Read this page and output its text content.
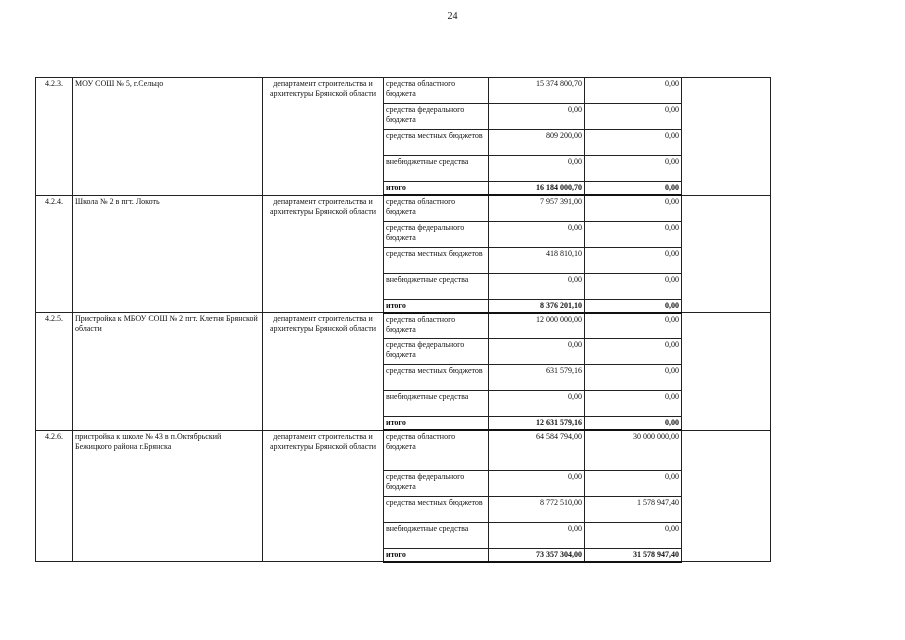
24
4.2.3.	МОУ СОШ № 5, г.Сельцо	департамент строительства и архитектуры Брянской области	средства областного бюджета	15 374 800,70	0,00	
			средства федерального бюджета	0,00	0,00	
			средства местных бюджетов	809 200,00	0,00	
			внебюджетные средства	0,00	0,00	
			итого	16 184 000,70	0,00	
4.2.4.	Школа № 2 в пгт. Локоть	департамент строительства и архитектуры Брянской области	средства областного бюджета	7 957 391,00	0,00	
			средства федерального бюджета	0,00	0,00	
			средства местных бюджетов	418 810,10	0,00	
			внебюджетные средства	0,00	0,00	
			итого	8 376 201,10	0,00	
4.2.5.	Пристройка к МБОУ СОШ № 2 пгт. Клетня Брянской области	департамент строительства и архитектуры Брянской области	средства областного бюджета	12 000 000,00	0,00	
			средства федерального бюджета	0,00	0,00	
			средства местных бюджетов	631 579,16	0,00	
			внебюджетные средства	0,00	0,00	
			итого	12 631 579,16	0,00	
4.2.6.	пристройка к школе № 43 в п.Октябрьский Бежицкого района г.Брянска	департамент строительства и архитектуры Брянской области	средства областного бюджета	64 584 794,00	30 000 000,00	
			средства федерального бюджета	0,00	0,00	
			средства местных бюджетов	8 772 510,00	1 578 947,40	
			внебюджетные средства	0,00	0,00	
			итого	73 357 304,00	31 578 947,40	
